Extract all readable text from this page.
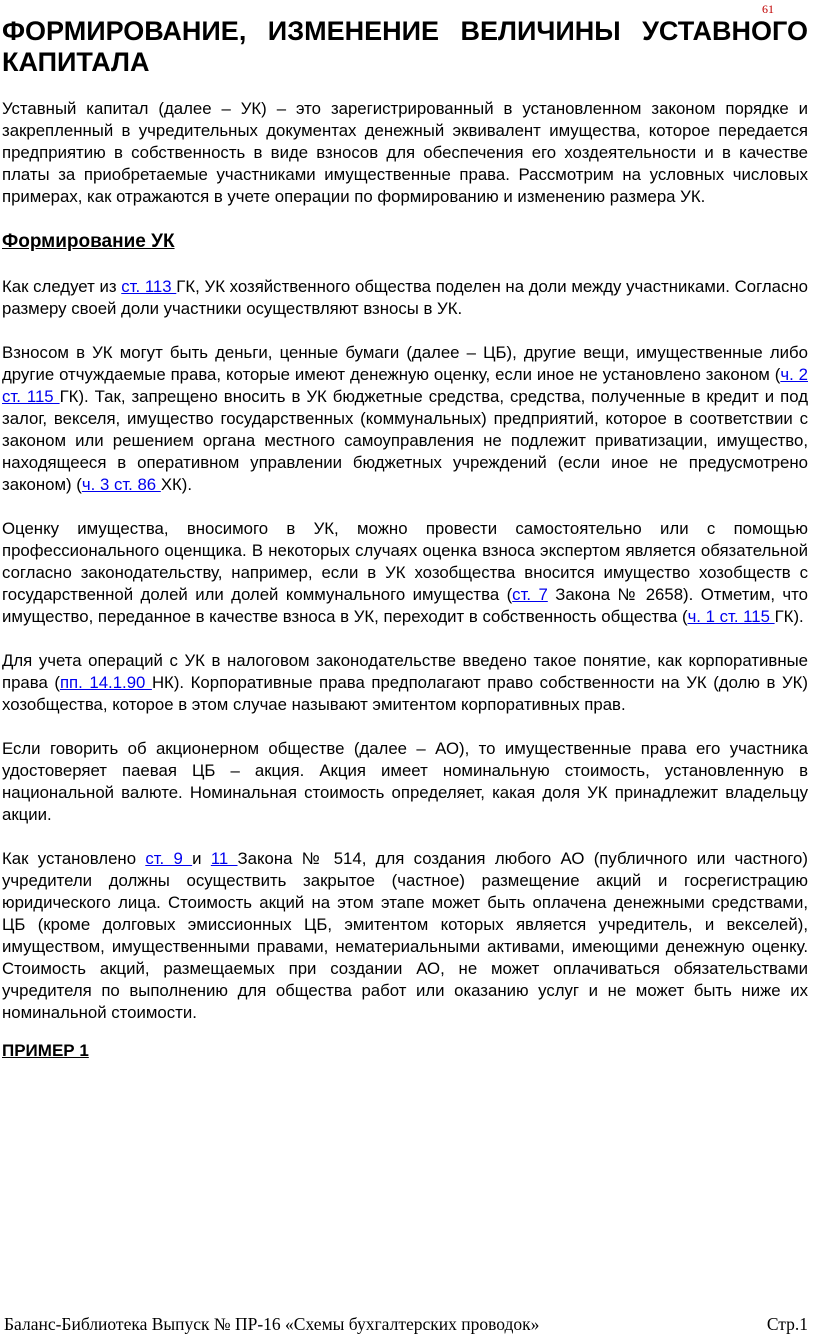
61
ФОРМИРОВАНИЕ, ИЗМЕНЕНИЕ ВЕЛИЧИНЫ УСТАВНОГО КАПИТАЛА

Уставный капитал (далее – УК) – это зарегистрированный в установленном законом порядке и закрепленный в учредительных документах денежный эквивалент имущества, которое передается предприятию в собственность в виде взносов для обеспечения его хоздеятельности и в качестве платы за приобретаемые участниками имущественные права. Рассмотрим на условных числовых примерах, как отражаются в учете операции по формированию и изменению размера УК.

Формирование УК

Как следует из ст. 113 ГК, УК хозяйственного общества поделен на доли между участниками. Согласно размеру своей доли участники осуществляют взносы в УК.

Взносом в УК могут быть деньги, ценные бумаги (далее – ЦБ), другие вещи, имущественные либо другие отчуждаемые права, которые имеют денежную оценку, если иное не установлено законом (ч. 2 ст. 115 ГК). Так, запрещено вносить в УК бюджетные средства, средства, полученные в кредит и под залог, векселя, имущество государственных (коммунальных) предприятий, которое в соответствии с законом или решением органа местного самоуправления не подлежит приватизации, имущество, находящееся в оперативном управлении бюджетных учреждений (если иное не предусмотрено законом) (ч. 3 ст. 86 ХК).

Оценку имущества, вносимого в УК, можно провести самостоятельно или с помощью профессионального оценщика. В некоторых случаях оценка взноса экспертом является обязательной согласно законодательству, например, если в УК хозобщества вносится имущество хозобществ с государственной долей или долей коммунального имущества (ст. 7 Закона № 2658). Отметим, что имущество, переданное в качестве взноса в УК, переходит в собственность общества (ч. 1 ст. 115 ГК).

Для учета операций с УК в налоговом законодательстве введено такое понятие, как корпоративные права (пп. 14.1.90 НК). Корпоративные права предполагают право собственности на УК (долю в УК) хозобщества, которое в этом случае называют эмитентом корпоративных прав.

Если говорить об акционерном обществе (далее – АО), то имущественные права его участника удостоверяет паевая ЦБ – акция. Акция имеет номинальную стоимость, установленную в национальной валюте. Номинальная стоимость определяет, какая доля УК принадлежит владельцу акции.

Как установлено ст. 9 и 11 Закона № 514, для создания любого АО (публичного или частного) учредители должны осуществить закрытое (частное) размещение акций и госрегистрацию юридического лица. Стоимость акций на этом этапе может быть оплачена денежными средствами, ЦБ (кроме долговых эмиссионных ЦБ, эмитентом которых является учредитель, и векселей), имуществом, имущественными правами, нематериальными активами, имеющими денежную оценку. Стоимость акций, размещаемых при создании АО, не может оплачиваться обязательствами учредителя по выполнению для общества работ или оказанию услуг и не может быть ниже их номинальной стоимости.

ПРИМЕР 1
Баланс-Библиотека Выпуск № ПР-16 «Схемы бухгалтерских проводок»	Стр.1
